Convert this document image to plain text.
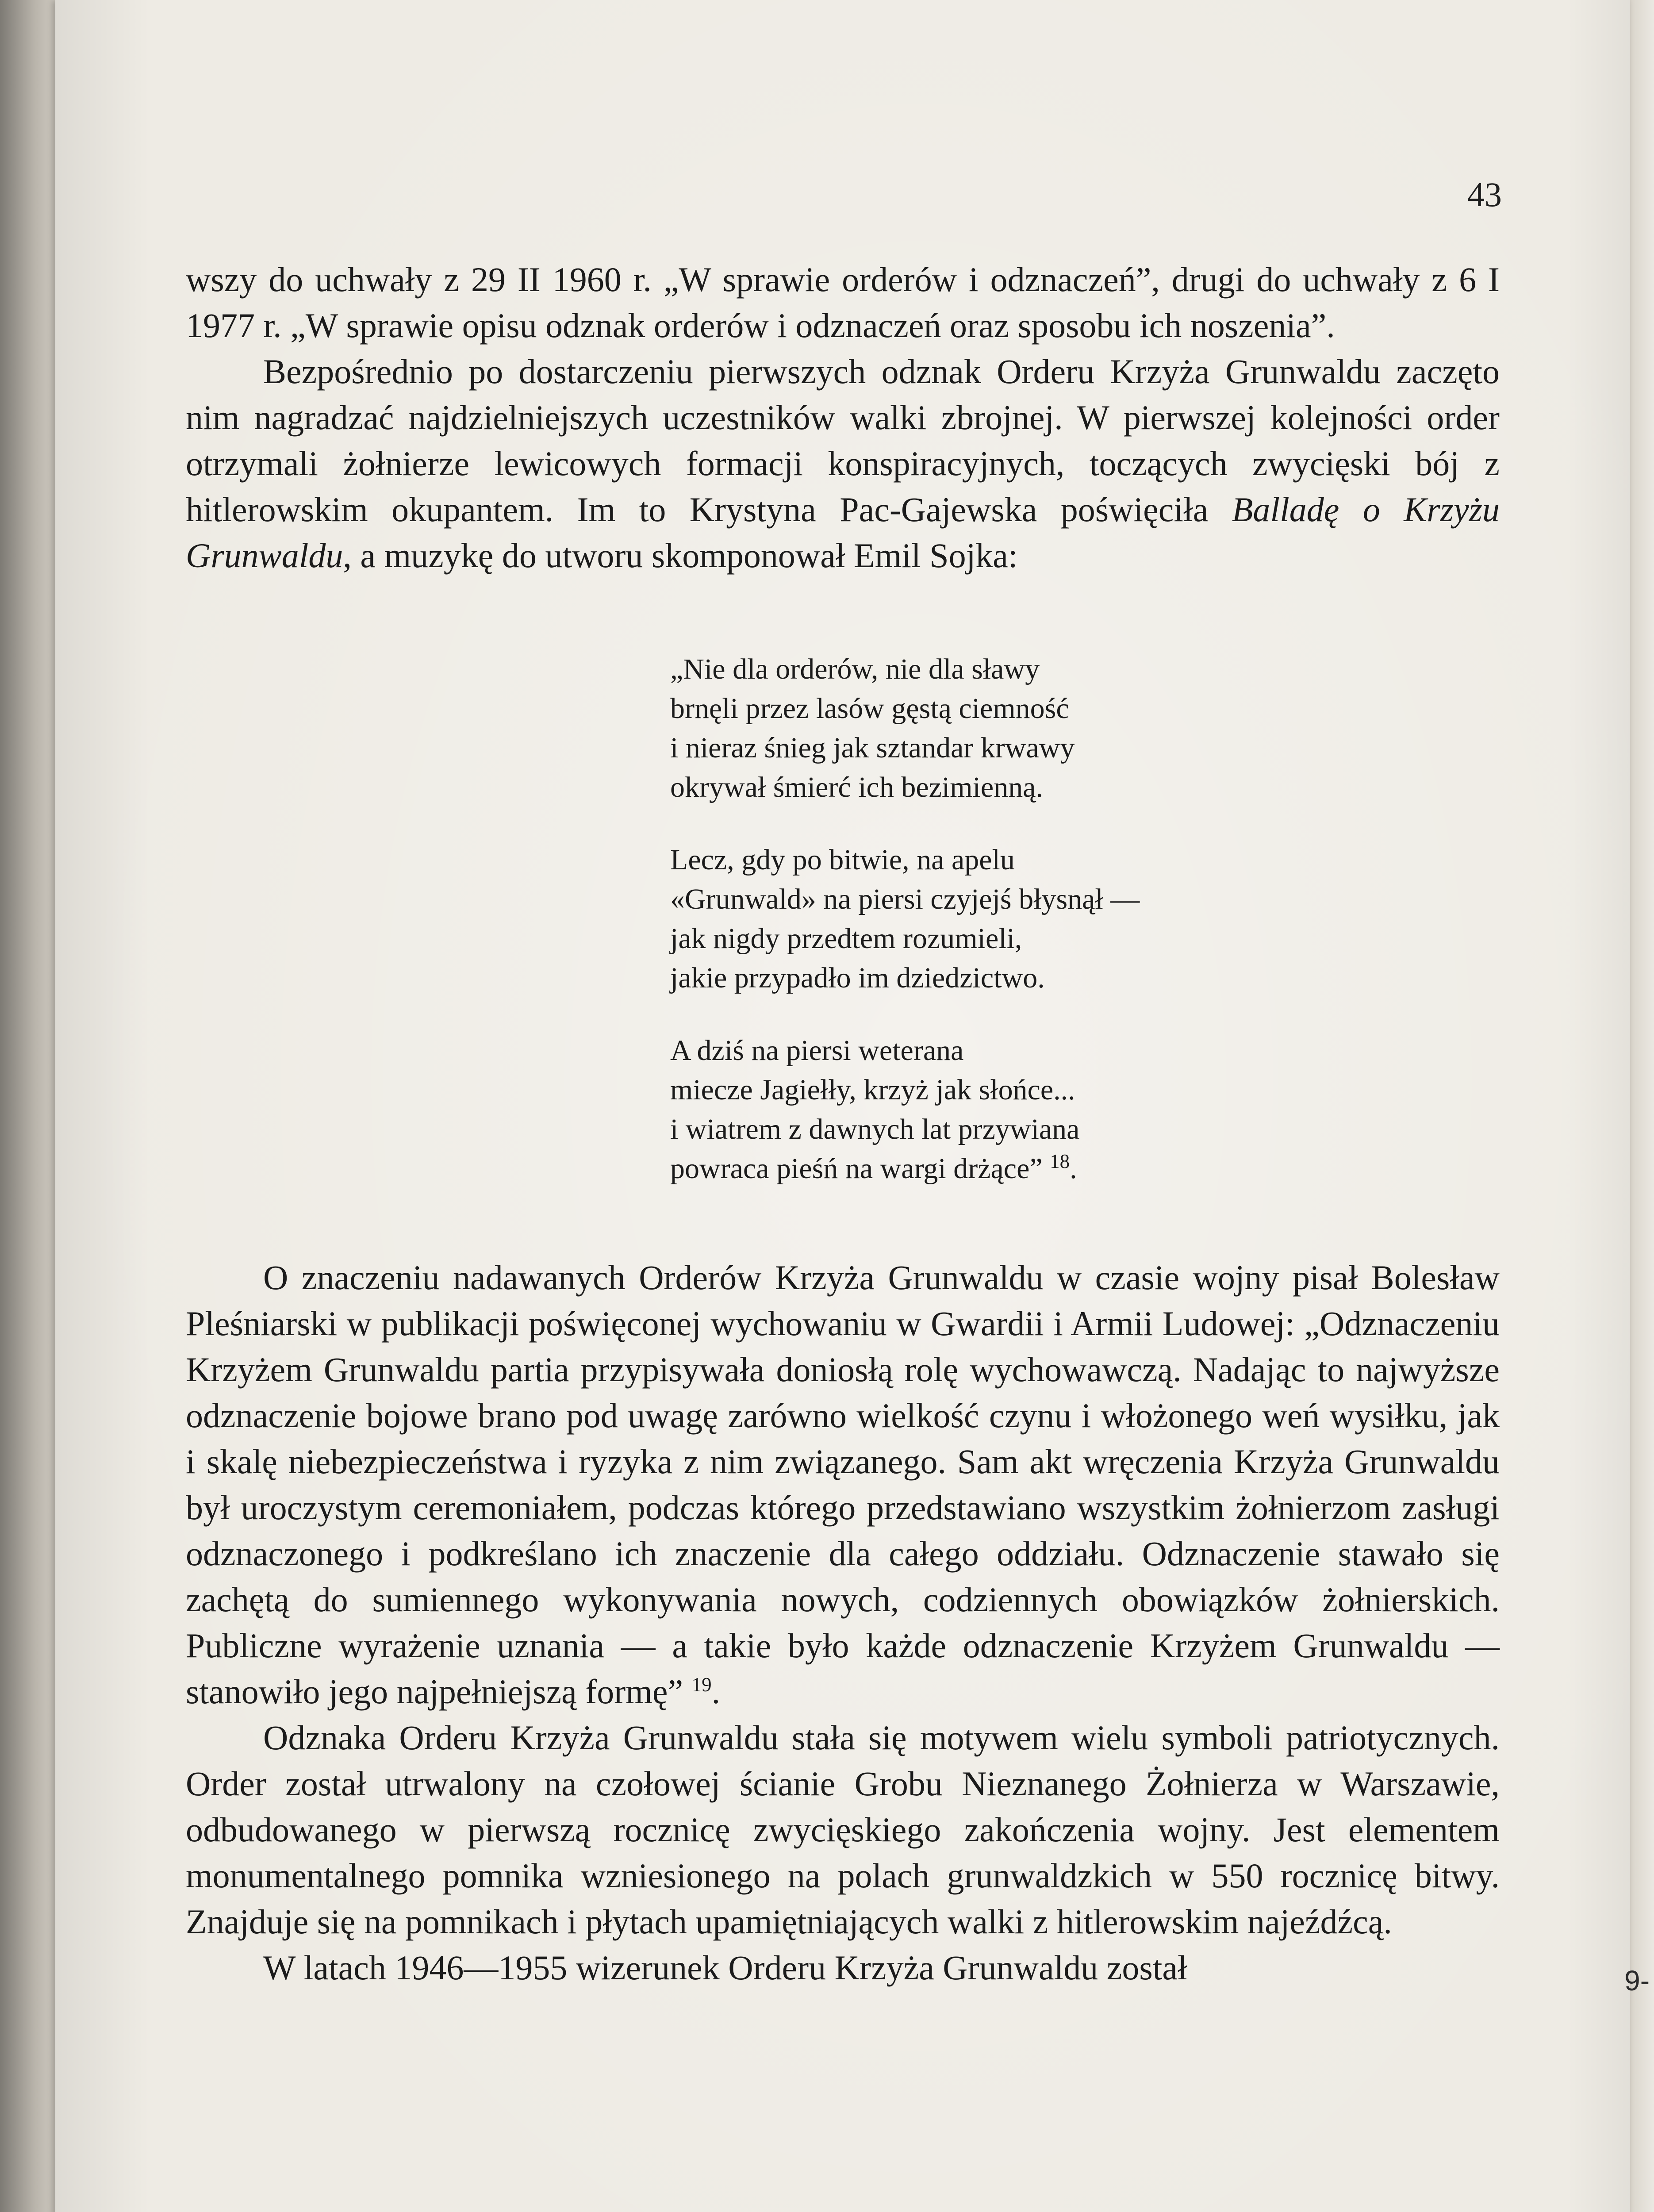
43

wszy do uchwały z 29 II 1960 r. „W sprawie orderów i odznaczeń”, drugi do uchwały z 6 I 1977 r. „W sprawie opisu odznak orderów i odznaczeń oraz sposobu ich noszenia”.

Bezpośrednio po dostarczeniu pierwszych odznak Orderu Krzyża Grunwaldu zaczęto nim nagradzać najdzielniejszych uczestników walki zbrojnej. W pierwszej kolejności order otrzymali żołnierze lewicowych formacji konspiracyjnych, toczących zwycięski bój z hitlerowskim okupantem. Im to Krystyna Pac-Gajewska poświęciła Balladę o Krzyżu Grunwaldu, a muzykę do utworu skomponował Emil Sojka:

„Nie dla orderów, nie dla sławy
brnęli przez lasów gęstą ciemność
i nieraz śnieg jak sztandar krwawy
okrywał śmierć ich bezimienną.
Lecz, gdy po bitwie, na apelu
«Grunwald» na piersi czyjejś błysnął —
jak nigdy przedtem rozumieli,
jakie przypadło im dziedzictwo.
A dziś na piersi weterana
miecze Jagiełły, krzyż jak słońce...
i wiatrem z dawnych lat przywiana
powraca pieśń na wargi drżące” $^{18}$.

O znaczeniu nadawanych Orderów Krzyża Grunwaldu w czasie wojny pisał Bolesław Pleśniarski w publikacji poświęconej wychowaniu w Gwardii i Armii Ludowej: „Odznaczeniu Krzyżem Grunwaldu partia przypisywała doniosłą rolę wychowawczą. Nadając to najwyższe odznaczenie bojowe brano pod uwagę zarówno wielkość czynu i włożonego weń wysiłku, jak i skalę niebezpieczeństwa i ryzyka z nim związanego. Sam akt wręczenia Krzyża Grunwaldu był uroczystym ceremoniałem, podczas którego przedstawiano wszystkim żołnierzom zasługi odznaczonego i podkreślano ich znaczenie dla całego oddziału. Odznaczenie stawało się zachętą do sumiennego wykonywania nowych, codziennych obowiązków żołnierskich. Publiczne wyrażenie uznania — a takie było każde odznaczenie Krzyżem Grunwaldu — stanowiło jego najpełniejszą formę” $^{19}$.

Odznaka Orderu Krzyża Grunwaldu stała się motywem wielu symboli patriotycznych. Order został utrwalony na czołowej ścianie Grobu Nieznanego Żołnierza w Warszawie, odbudowanego w pierwszą rocznicę zwycięskiego zakończenia wojny. Jest elementem monumentalnego pomnika wzniesionego na polach grunwaldzkich w 550 rocznicę bitwy. Znajduje się na pomnikach i płytach upamiętniających walki z hitlerowskim najeźdźcą.

W latach 1946—1955 wizerunek Orderu Krzyża Grunwaldu został	9-
